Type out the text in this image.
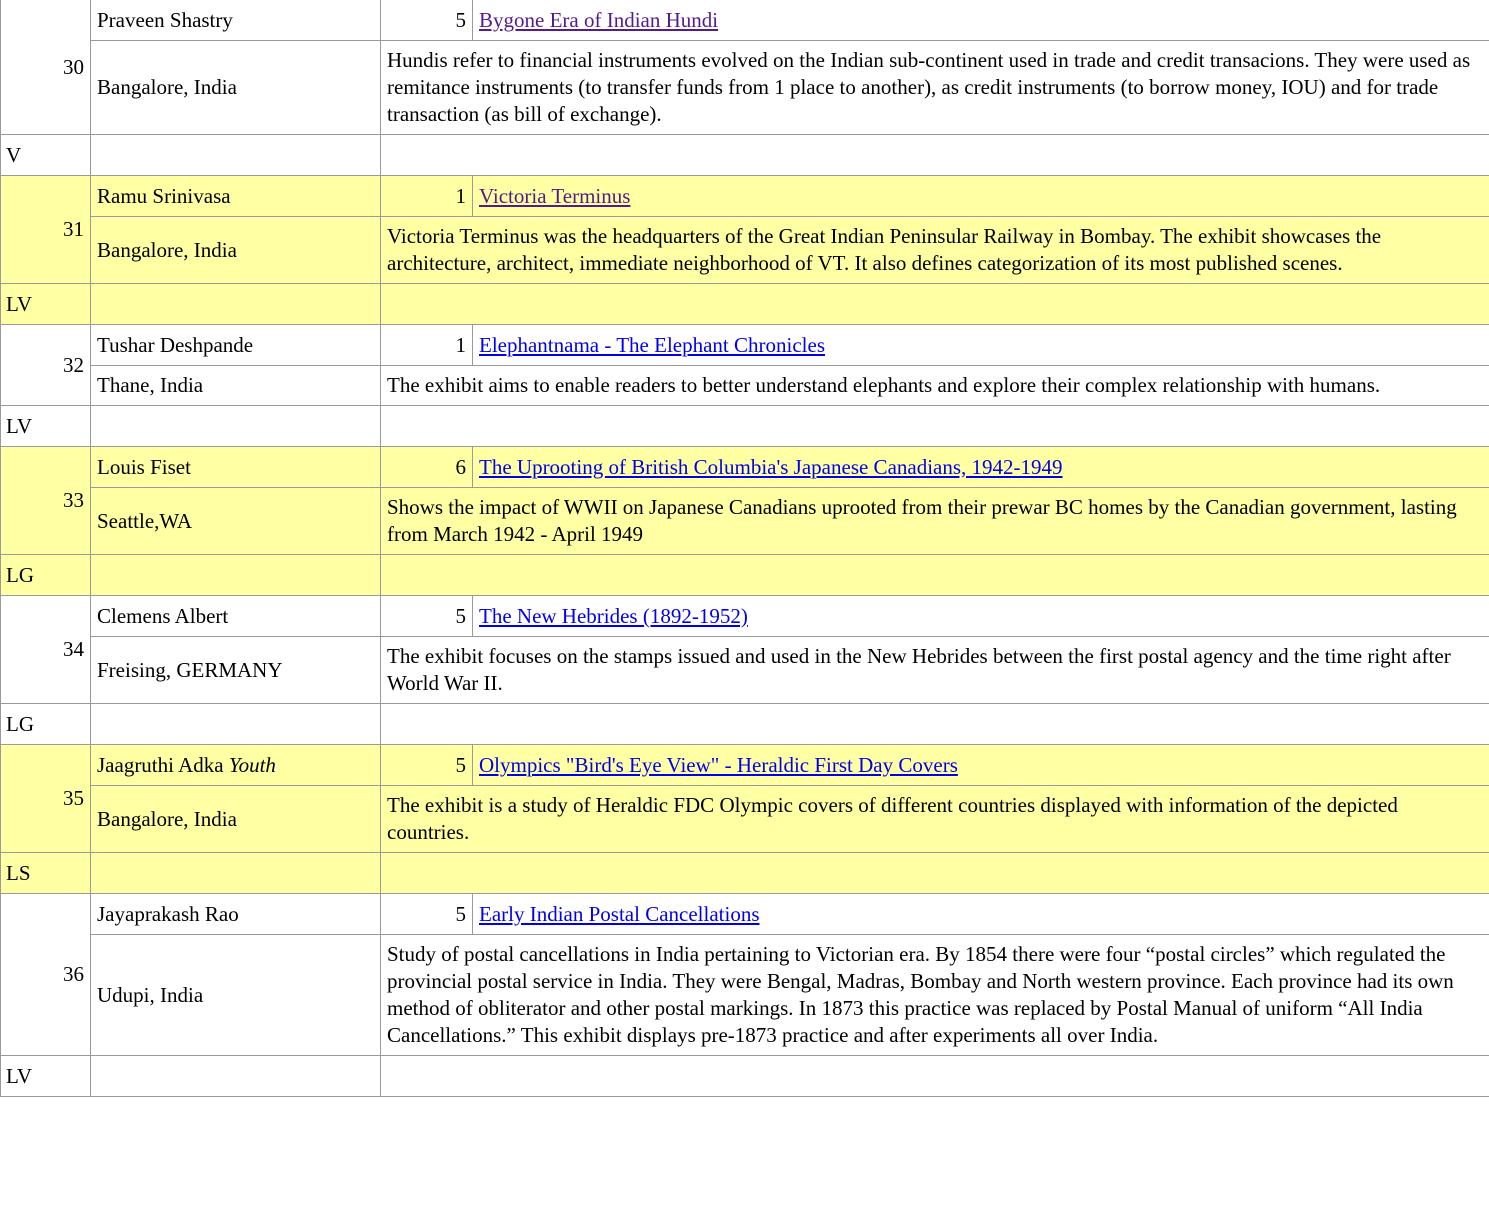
30	Praveen Shastry	5	Bygone Era of Indian Hundi
	Bangalore, India	Hundis refer to financial instruments evolved on the Indian sub-continent used in trade and credit transacions. They were used as remitance instruments (to transfer funds from 1 place to another), as credit instruments (to borrow money, IOU) and for trade transaction (as bill of exchange).	
V			
31	Ramu Srinivasa	1	Victoria Terminus
	Bangalore, India	Victoria Terminus was the headquarters of the Great Indian Peninsular Railway in Bombay. The exhibit showcases the architecture, architect, immediate neighborhood of VT. It also defines categorization of its most published scenes.	
LV			
32	Tushar Deshpande	1	Elephantnama - The Elephant Chronicles
	Thane, India	The exhibit aims to enable readers to better understand elephants and explore their complex relationship with humans.	
LV			
33	Louis Fiset	6	The Uprooting of British Columbia's Japanese Canadians, 1942-1949
	Seattle,WA	Shows the impact of WWII on Japanese Canadians uprooted from their prewar BC homes by the Canadian government, lasting from March 1942 - April 1949	
LG			
34	Clemens Albert	5	The New Hebrides (1892-1952)
	Freising, GERMANY	The exhibit focuses on the stamps issued and used in the New Hebrides between the first postal agency and the time right after World War II.	
LG			
35	Jaagruthi Adka Youth	5	Olympics "Bird's Eye View" - Heraldic First Day Covers
	Bangalore, India	The exhibit is a study of Heraldic FDC Olympic covers of different countries displayed with information of the depicted countries.	
LS			
36	Jayaprakash Rao	5	Early Indian Postal Cancellations
	Udupi, India	Study of postal cancellations in India pertaining to Victorian era. By 1854 there were four “postal circles” which regulated the provincial postal service in India. They were Bengal, Madras, Bombay and North western province. Each province had its own method of obliterator and other postal markings. In 1873 this practice was replaced by Postal Manual of uniform “All India Cancellations.” This exhibit displays pre-1873 practice and after experiments all over India.	
LV			
